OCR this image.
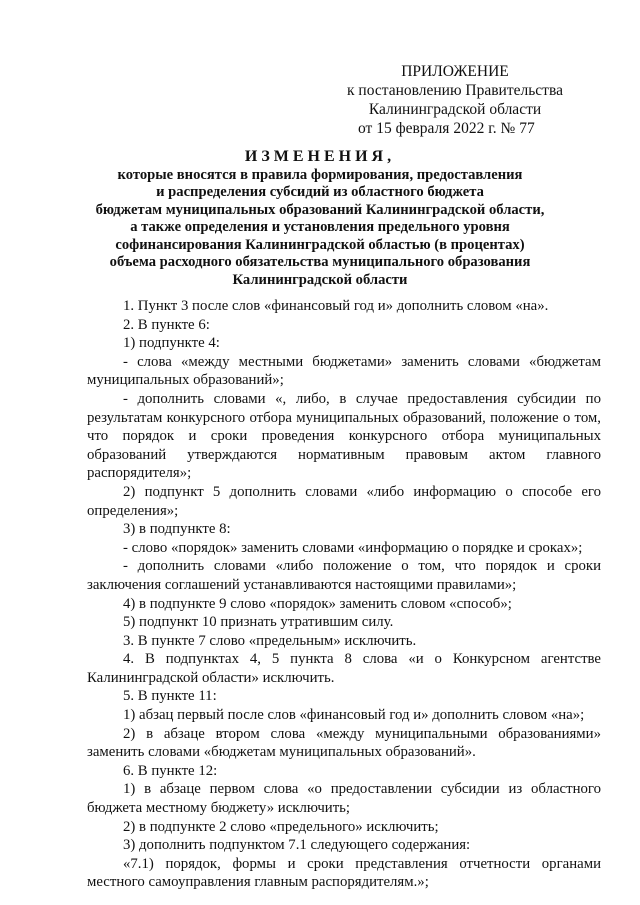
ПРИЛОЖЕНИЕ
к постановлению Правительства
Калининградской области
от 15 февраля 2022 г. № 77
ИЗМЕНЕНИЯ,
которые вносятся в правила формирования, предоставления
и распределения субсидий из областного бюджета
бюджетам муниципальных образований Калининградской области,
а также определения и установления предельного уровня
софинансирования Калининградской областью (в процентах)
объема расходного обязательства муниципального образования
Калининградской области

1. Пункт 3 после слов «финансовый год и» дополнить словом «на».

2. В пункте 6:

1) подпункте 4:

- слова «между местными бюджетами» заменить словами «бюджетам муниципальных образований»;

- дополнить словами «, либо, в случае предоставления субсидии по результатам конкурсного отбора муниципальных образований, положение о том, что порядок и сроки проведения конкурсного отбора муниципальных образований утверждаются нормативным правовым актом главного распорядителя»;

2) подпункт 5 дополнить словами «либо информацию о способе его определения»;

3) в подпункте 8:

- слово «порядок» заменить словами «информацию о порядке и сроках»;

- дополнить словами «либо положение о том, что порядок и сроки заключения соглашений устанавливаются настоящими правилами»;

4) в подпункте 9 слово «порядок» заменить словом «способ»;

5) подпункт 10 признать утратившим силу.

3. В пункте 7 слово «предельным» исключить.

4. В подпунктах 4, 5 пункта 8 слова «и о Конкурсном агентстве Калининградской области» исключить.

5. В пункте 11:

1) абзац первый после слов «финансовый год и» дополнить словом «на»;

2) в абзаце втором слова «между муниципальными образованиями» заменить словами «бюджетам муниципальных образований».

6. В пункте 12:

1) в абзаце первом слова «о предоставлении субсидии из областного бюджета местному бюджету» исключить;

2) в подпункте 2 слово «предельного» исключить;

3) дополнить подпунктом 7.1 следующего содержания:

«7.1) порядок, формы и сроки представления отчетности органами местного самоуправления главным распорядителям.»;
